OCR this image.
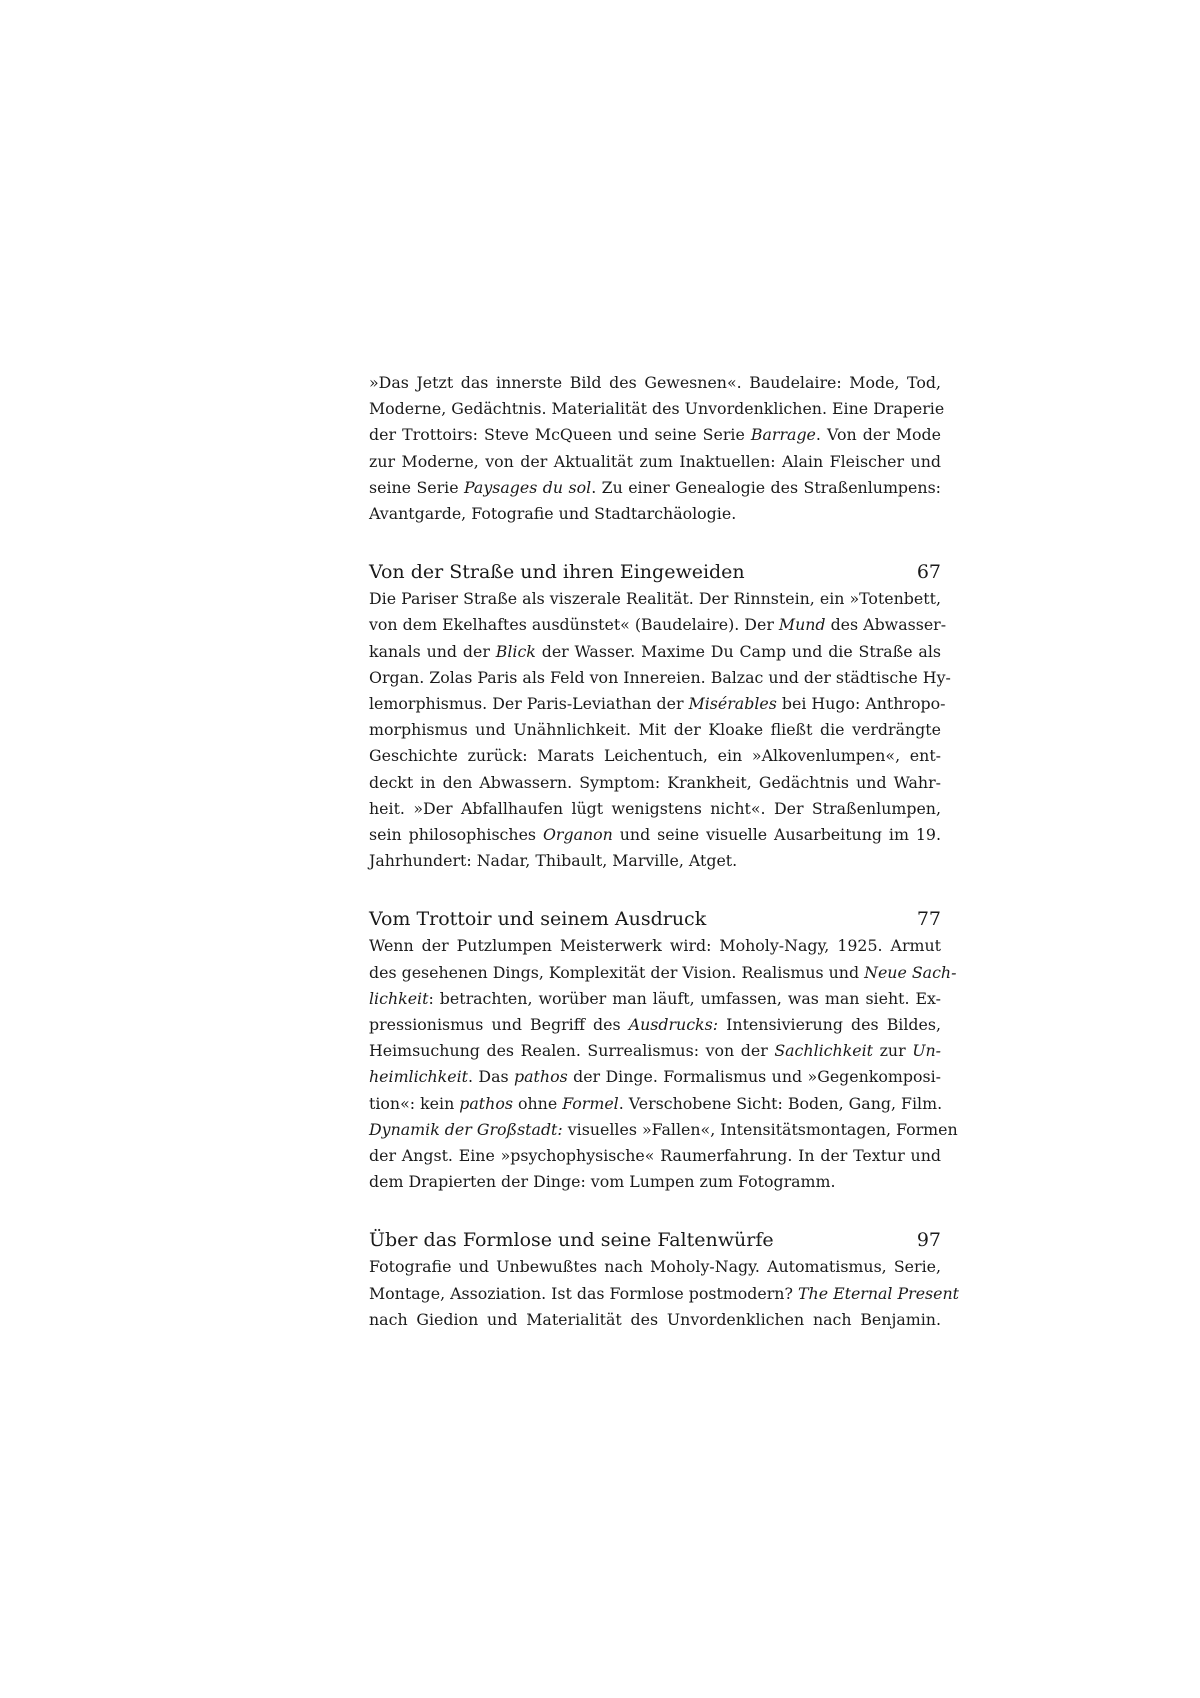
»Das Jetzt das innerste Bild des Gewesnen«. Baudelaire: Mode, Tod,
Moderne, Gedächtnis. Materialität des Unvordenklichen. Eine Draperie
der Trottoirs: Steve McQueen und seine Serie Barrage. Von der Mode
zur Moderne, von der Aktualität zum Inaktuellen: Alain Fleischer und
seine Serie Paysages du sol. Zu einer Genealogie des Straßenlumpens:
Avantgarde, Fotografie und Stadtarchäologie.

Von der Straße und ihren Eingeweiden	67

Die Pariser Straße als viszerale Realität. Der Rinnstein, ein »Totenbett,
von dem Ekelhaftes ausdünstet« (Baudelaire). Der Mund des Abwasser-
kanals und der Blick der Wasser. Maxime Du Camp und die Straße als
Organ. Zolas Paris als Feld von Innereien. Balzac und der städtische Hy-
lemorphismus. Der Paris-Leviathan der Misérables bei Hugo: Anthropo-
morphismus und Unähnlichkeit. Mit der Kloake fließt die verdrängte
Geschichte zurück: Marats Leichentuch, ein »Alkovenlumpen«, ent-
deckt in den Abwassern. Symptom: Krankheit, Gedächtnis und Wahr-
heit. »Der Abfallhaufen lügt wenigstens nicht«. Der Straßenlumpen,
sein philosophisches Organon und seine visuelle Ausarbeitung im 19.
Jahrhundert: Nadar, Thibault, Marville, Atget.

Vom Trottoir und seinem Ausdruck	77

Wenn der Putzlumpen Meisterwerk wird: Moholy-Nagy, 1925. Armut
des gesehenen Dings, Komplexität der Vision. Realismus und Neue Sach-
lichkeit: betrachten, worüber man läuft, umfassen, was man sieht. Ex-
pressionismus und Begriff des Ausdrucks: Intensivierung des Bildes,
Heimsuchung des Realen. Surrealismus: von der Sachlichkeit zur Un-
heimlichkeit. Das pathos der Dinge. Formalismus und »Gegenkomposi-
tion«: kein pathos ohne Formel. Verschobene Sicht: Boden, Gang, Film.
Dynamik der Großstadt: visuelles »Fallen«, Intensitätsmontagen, Formen
der Angst. Eine »psychophysische« Raumerfahrung. In der Textur und
dem Drapierten der Dinge: vom Lumpen zum Fotogramm.

Über das Formlose und seine Faltenwürfe	97

Fotografie und Unbewußtes nach Moholy-Nagy. Automatismus, Serie,
Montage, Assoziation. Ist das Formlose postmodern? The Eternal Present
nach Giedion und Materialität des Unvordenklichen nach Benjamin.
